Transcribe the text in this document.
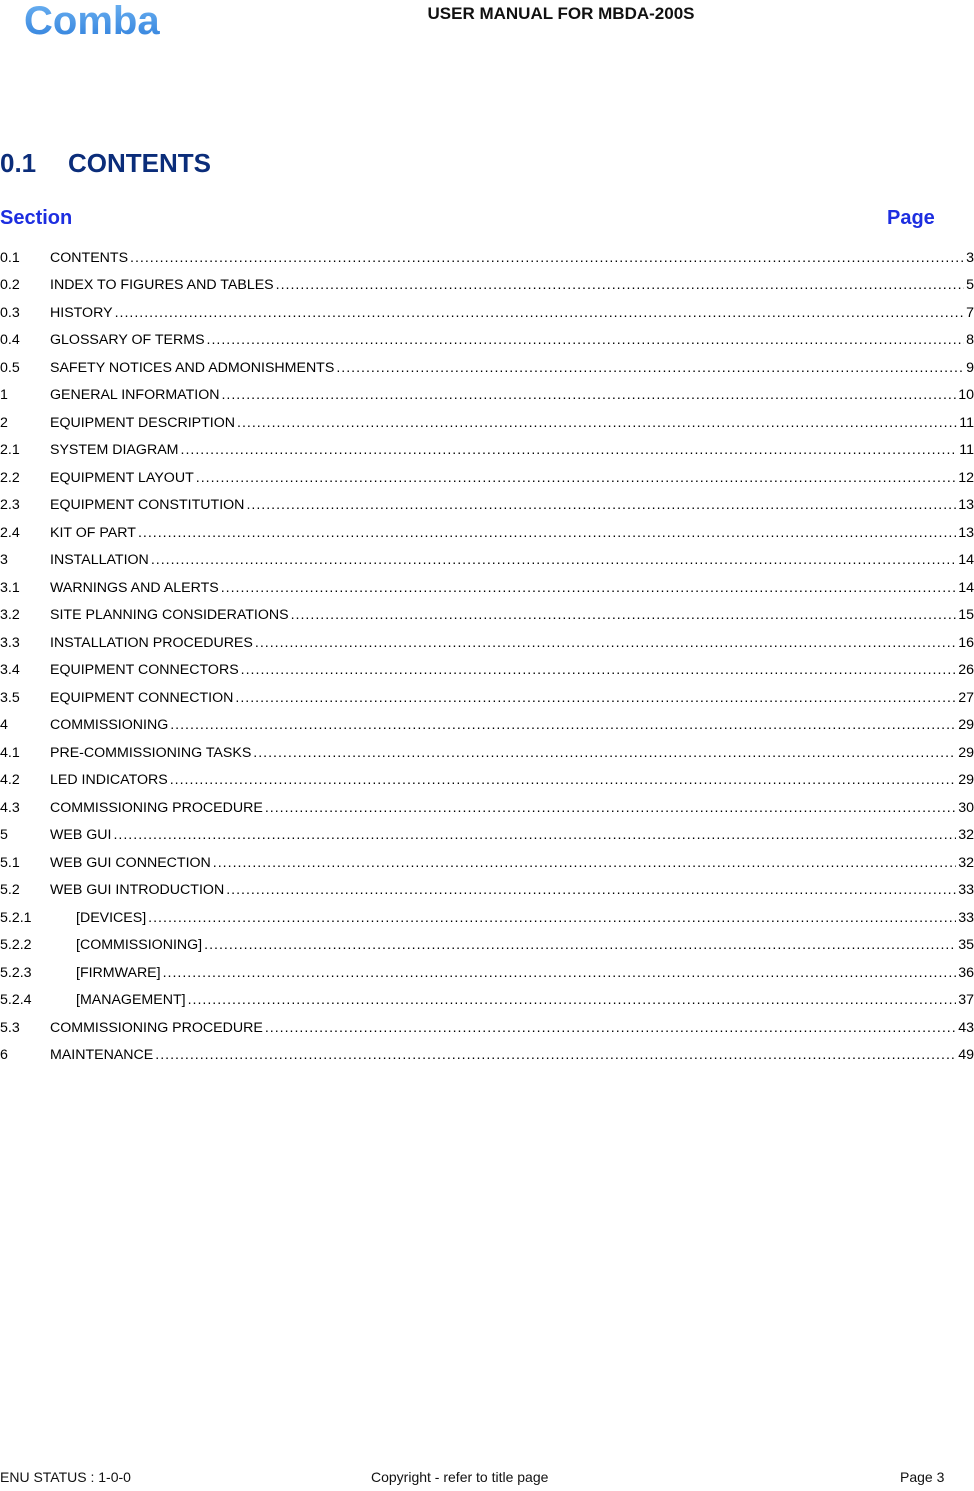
Comba	USER MANUAL FOR MBDA-200S
0.1 CONTENTS
Section	Page
0.1	CONTENTS .....	3
0.2	INDEX TO FIGURES AND TABLES .....	5
0.3	HISTORY .....	7
0.4	GLOSSARY OF TERMS .....	8
0.5	SAFETY NOTICES AND ADMONISHMENTS .....	9
1	GENERAL INFORMATION .....	10
2	EQUIPMENT DESCRIPTION .....	11
2.1	SYSTEM DIAGRAM .....	11
2.2	EQUIPMENT LAYOUT .....	12
2.3	EQUIPMENT CONSTITUTION .....	13
2.4	KIT OF PART .....	13
3	INSTALLATION .....	14
3.1	WARNINGS AND ALERTS .....	14
3.2	SITE PLANNING CONSIDERATIONS .....	15
3.3	INSTALLATION PROCEDURES .....	16
3.4	EQUIPMENT CONNECTORS .....	26
3.5	EQUIPMENT CONNECTION .....	27
4	COMMISSIONING .....	29
4.1	PRE-COMMISSIONING TASKS .....	29
4.2	LED INDICATORS .....	29
4.3	COMMISSIONING PROCEDURE .....	30
5	WEB GUI .....	32
5.1	WEB GUI CONNECTION .....	32
5.2	WEB GUI INTRODUCTION .....	33
5.2.1	[DEVICES] .....	33
5.2.2	[COMMISSIONING] .....	35
5.2.3	[FIRMWARE] .....	36
5.2.4	[MANAGEMENT] .....	37
5.3	COMMISSIONING PROCEDURE .....	43
6	MAINTENANCE .....	49
ENU STATUS : 1-0-0	Copyright - refer to title page	Page 3
